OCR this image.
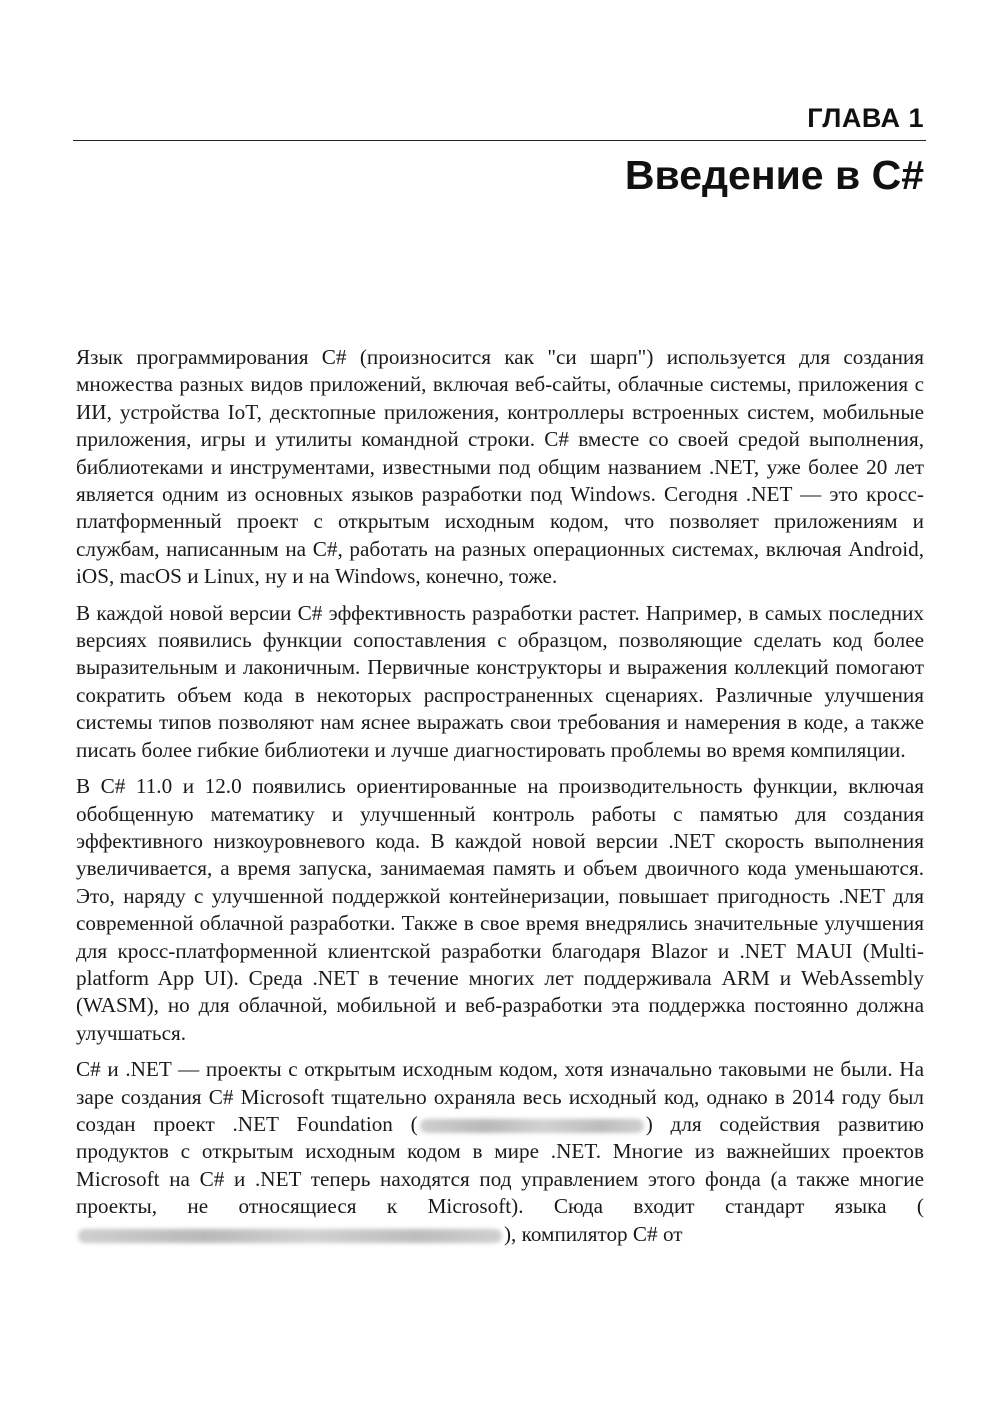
ГЛАВА 1
Введение в C#

Язык программирования C# (произносится как "си шарп") используется для создания множества разных видов приложений, включая веб-сайты, облачные системы, приложения с ИИ, устройства IoT, десктопные приложения, контроллеры встроенных систем, мобильные приложения, игры и утилиты командной строки. C# вместе со своей средой выполнения, библиотеками и инструментами, известными под общим названием .NET, уже более 20 лет является одним из основных языков разработки под Windows. Сегодня .NET — это кросс-платформенный проект с открытым исходным кодом, что позволяет приложениям и службам, написанным на C#, работать на разных операционных системах, включая Android, iOS, macOS и Linux, ну и на Windows, конечно, тоже.

В каждой новой версии C# эффективность разработки растет. Например, в самых последних версиях появились функции сопоставления с образцом, позволяющие сделать код более выразительным и лаконичным. Первичные конструкторы и выражения коллекций помогают сократить объем кода в некоторых распространенных сценариях. Различные улучшения системы типов позволяют нам яснее выражать свои требования и намерения в коде, а также писать более гибкие библиотеки и лучше диагностировать проблемы во время компиляции.

В C# 11.0 и 12.0 появились ориентированные на производительность функции, включая обобщенную математику и улучшенный контроль работы с памятью для создания эффективного низкоуровневого кода. В каждой новой версии .NET скорость выполнения увеличивается, а время запуска, занимаемая память и объем двоичного кода уменьшаются. Это, наряду с улучшенной поддержкой контейнеризации, повышает пригодность .NET для современной облачной разработки. Также в свое время внедрялись значительные улучшения для кросс-платформенной клиентской разработки благодаря Blazor и .NET MAUI (Multi-platform App UI). Среда .NET в течение многих лет поддерживала ARM и WebAssembly (WASM), но для облачной, мобильной и веб-разработки эта поддержка постоянно должна улучшаться.

C# и .NET — проекты с открытым исходным кодом, хотя изначально таковыми не были. На заре создания C# Microsoft тщательно охраняла весь исходный код, однако в 2014 году был создан проект .NET Foundation (	) для содействия развитию продуктов с открытым исходным кодом в мире .NET. Многие из важнейших проектов Microsoft на C# и .NET теперь находятся под управлением этого фонда (а также многие проекты, не относящиеся к Microsoft). Сюда входит стандарт языка (), компилятор C# от
